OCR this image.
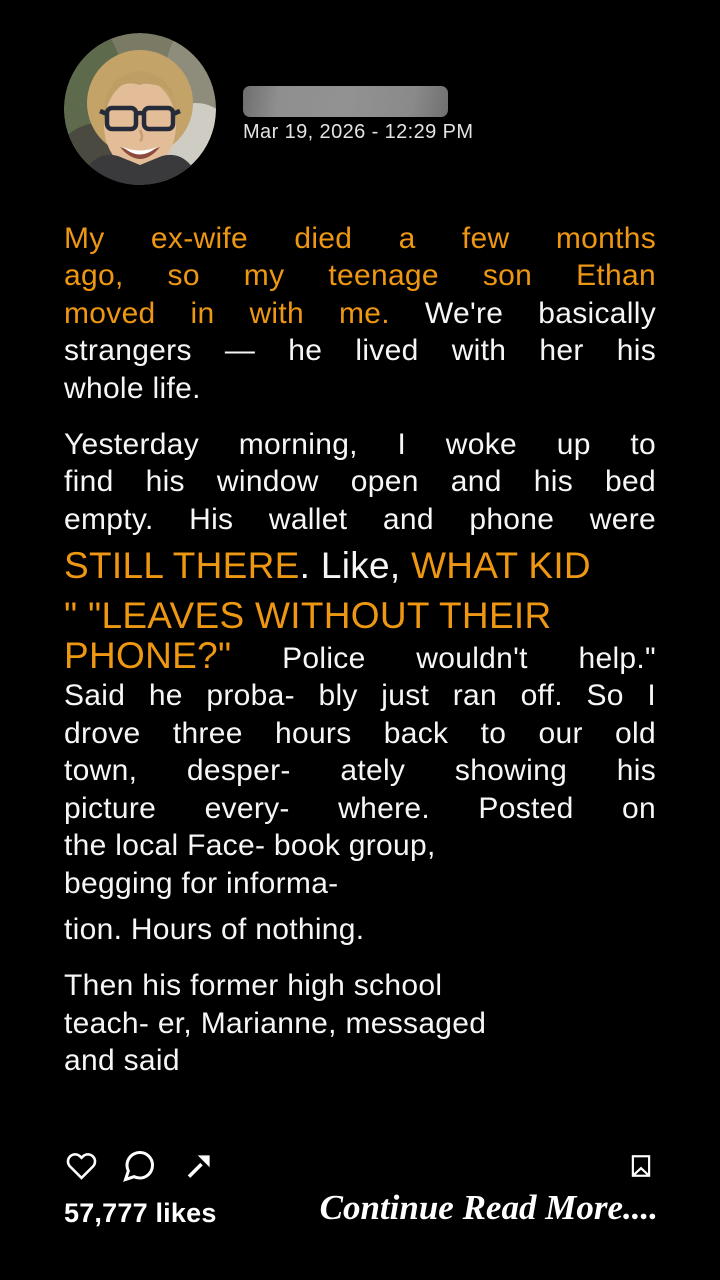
Mar 19, 2026 - 12:29 PM
My ex-wife died a few months
ago, so my teenage son Ethan
moved in with me. We're basically
strangers — he lived with her his
whole life.
Yesterday morning, I woke up to
find his window open and his bed
empty. His wallet and phone were
STILL THERE. Like, WHAT KID
" "LEAVES WITHOUT THEIR
PHONE?" Police wouldn't help."
Said he proba- bly just ran off. So I
drove three hours back to our old
town, desper- ately showing his
picture every- where. Posted on
the local Face- book group,
begging for informa-
tion. Hours of nothing.
Then his former high school
teach- er, Marianne, messaged
and said
57,777 likes	Continue Read More....
